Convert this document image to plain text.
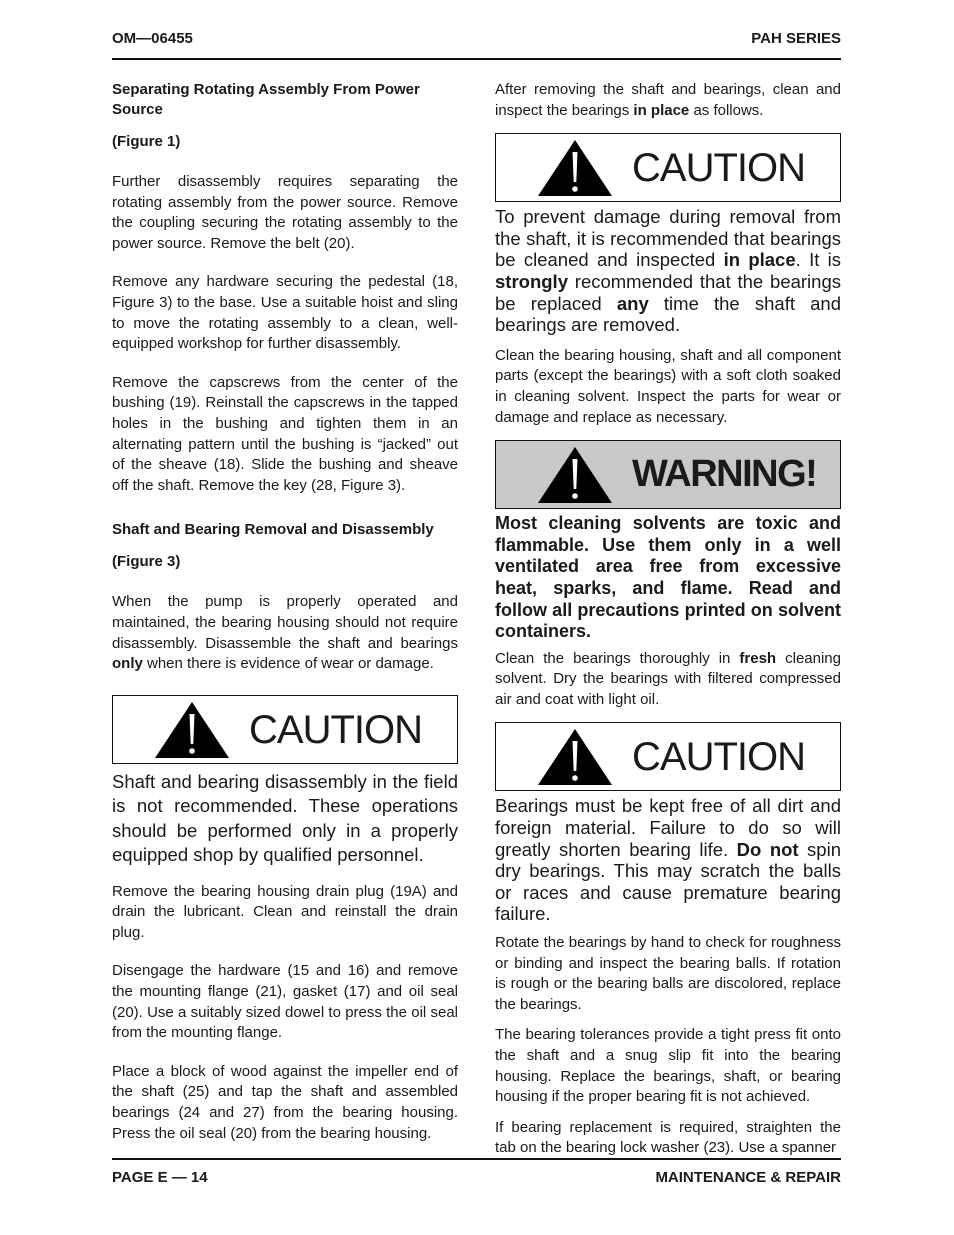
OM—06455	PAH SERIES
Separating Rotating Assembly From Power Source
(Figure 1)

Further disassembly requires separating the rotating assembly from the power source. Remove the coupling securing the rotating assembly to the power source. Remove the belt (20).

Remove any hardware securing the pedestal (18, Figure 3) to the base. Use a suitable hoist and sling to move the rotating assembly to a clean, well-equipped workshop for further disassembly.

Remove the capscrews from the center of the bushing (19). Reinstall the capscrews in the tapped holes in the bushing and tighten them in an alternating pattern until the bushing is “jacked” out of the sheave (18). Slide the bushing and sheave off the shaft. Remove the key (28, Figure 3).

Shaft and Bearing Removal and Disassembly
(Figure 3)

When the pump is properly operated and maintained, the bearing housing should not require disassembly. Disassemble the shaft and bearings only when there is evidence of wear or damage.

CAUTION

Shaft and bearing disassembly in the field is not recommended. These operations should be performed only in a properly equipped shop by qualified personnel.

Remove the bearing housing drain plug (19A) and drain the lubricant. Clean and reinstall the drain plug.

Disengage the hardware (15 and 16) and remove the mounting flange (21), gasket (17) and oil seal (20). Use a suitably sized dowel to press the oil seal from the mounting flange.

Place a block of wood against the impeller end of the shaft (25) and tap the shaft and assembled bearings (24 and 27) from the bearing housing. Press the oil seal (20) from the bearing housing.

After removing the shaft and bearings, clean and inspect the bearings in place as follows.

CAUTION

To prevent damage during removal from the shaft, it is recommended that bearings be cleaned and inspected in place. It is strongly recommended that the bearings be replaced any time the shaft and bearings are removed.

Clean the bearing housing, shaft and all component parts (except the bearings) with a soft cloth soaked in cleaning solvent. Inspect the parts for wear or damage and replace as necessary.

WARNING!

Most cleaning solvents are toxic and flammable. Use them only in a well ventilated area free from excessive heat, sparks, and flame. Read and follow all precautions printed on solvent containers.

Clean the bearings thoroughly in fresh cleaning solvent. Dry the bearings with filtered compressed air and coat with light oil.

CAUTION

Bearings must be kept free of all dirt and foreign material. Failure to do so will greatly shorten bearing life. Do not spin dry bearings. This may scratch the balls or races and cause premature bearing failure.

Rotate the bearings by hand to check for roughness or binding and inspect the bearing balls. If rotation is rough or the bearing balls are discolored, replace the bearings.

The bearing tolerances provide a tight press fit onto the shaft and a snug slip fit into the bearing housing. Replace the bearings, shaft, or bearing housing if the proper bearing fit is not achieved.

If bearing replacement is required, straighten the tab on the bearing lock washer (23). Use a spanner

PAGE E — 14	MAINTENANCE & REPAIR
